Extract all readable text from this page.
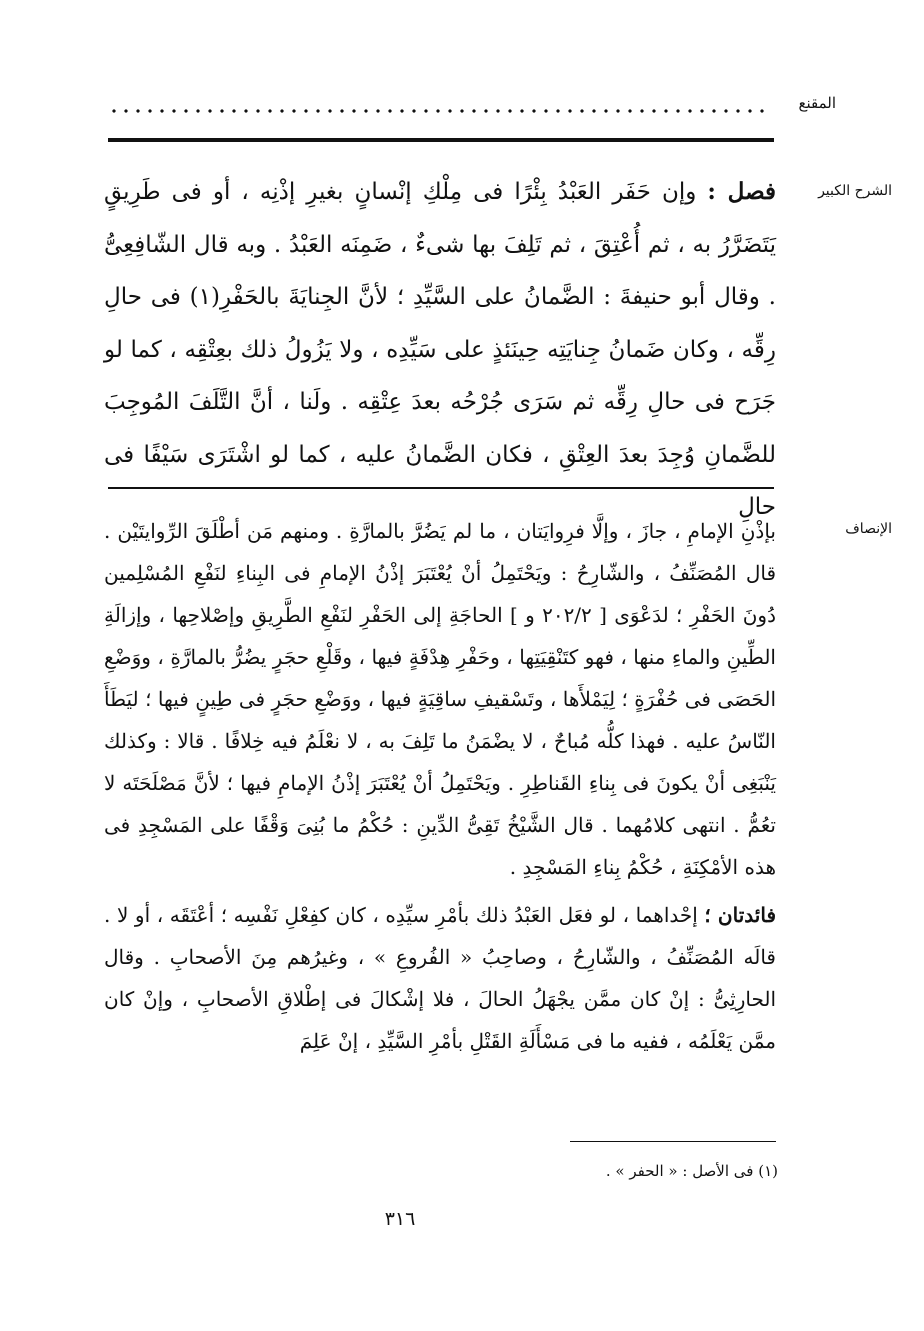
المقنع
الشرح الكبير
فصل : وإن حَفَر العَبْدُ بِئْرًا فى مِلْكِ إنْسانٍ بغيرِ إذْنِه ، أو فى طَرِيقٍ يَتَضَرَّرُ به ، ثم أُعْتِقَ ، ثم تَلِفَ بها شىءٌ ، ضَمِنَه العَبْدُ . وبه قال الشّافِعِىُّ . وقال أبو حنيفةَ : الضَّمانُ على السَّيِّدِ ؛ لأنَّ الجِنايَةَ بالحَفْرِ(١) فى حالِ رِقِّه ، وكان ضَمانُ جِنايَتِه حِينَئذٍ على سَيِّدِه ، ولا يَزُولُ ذلك بعِتْقِه ، كما لو جَرَح فى حالِ رِقِّه ثم سَرَى جُرْحُه بعدَ عِتْقِه . ولَنا ، أنَّ التَّلَفَ المُوجِبَ للضَّمانِ وُجِدَ بعدَ العِتْقِ ، فكان الضَّمانُ عليه ، كما لو اشْتَرَى سَيْفًا فى حالِ
الإنصاف

بإذْنِ الإمامِ ، جازَ ، وإلَّا فرِوايَتان ، ما لم يَضُرَّ بالمارَّةِ . ومنهم مَن أطْلَقَ الرِّوايتَيْن . قال المُصَنِّفُ ، والشّارِحُ : ويَحْتَمِلُ أنْ يُعْتَبَرَ إذْنُ الإمامِ فى البِناءِ لنَفْعِ المُسْلِمين دُونَ الحَفْرِ ؛ لدَعْوَى [ ٢٠٢/٢ و ] الحاجَةِ إلى الحَفْرِ لنَفْعِ الطَّرِيقِ وإصْلاحِها ، وإزالَةِ الطِّينِ والماءِ منها ، فهو كتَنْقِيَتِها ، وحَفْرِ هِدْفَةٍ فيها ، وقَلْعِ حجَرٍ يضُرُّ بالمارَّةِ ، ووَضْعِ الحَصَى فى حُفْرَةٍ ؛ لِيَمْلأَها ، وتَسْقيفِ ساقِيَةٍ فيها ، ووَضْعِ حجَرٍ فى طِينٍ فيها ؛ ليَطَأَ النّاسُ عليه . فهذا كلُّه مُباحٌ ، لا يضْمَنُ ما تَلِفَ به ، لا نعْلَمُ فيه خِلافًا . قالا : وكذلك يَنْبَغِى أنْ يكونَ فى بِناءِ القَناطِرِ . ويَحْتَمِلُ أنْ يُعْتَبَرَ إذْنُ الإمامِ فيها ؛ لأنَّ مَصْلَحَتَه لا تعُمُّ . انتهى كلامُهما . قال الشَّيْخُ تَقِىُّ الدِّينِ : حُكْمُ ما بُنِىَ وَقْفًا على المَسْجِدِ فى هذه الأمْكِنَةِ ، حُكْمُ بِناءِ المَسْجِدِ .

فائدتان ؛ إحْداهما ، لو فعَل العَبْدُ ذلك بأمْرِ سيِّدِه ، كان كفِعْلِ نَفْسِه ؛ أعْتَقَه ، أو لا . قالَه المُصَنِّفُ ، والشّارِحُ ، وصاحِبُ « الفُروعِ » ، وغيرُهم مِنَ الأصحابِ . وقال الحارِثِىُّ : إنْ كان ممَّن يجْهَلُ الحالَ ، فلا إشْكالَ فى إطْلاقِ الأصحابِ ، وإنْ كان ممَّن يَعْلَمُه ، ففيه ما فى مَسْأَلَةِ القَتْلِ بأمْرِ السَّيِّدِ ، إنْ عَلِمَ

(١) فى الأصل : « الحفر » .
٣١٦
